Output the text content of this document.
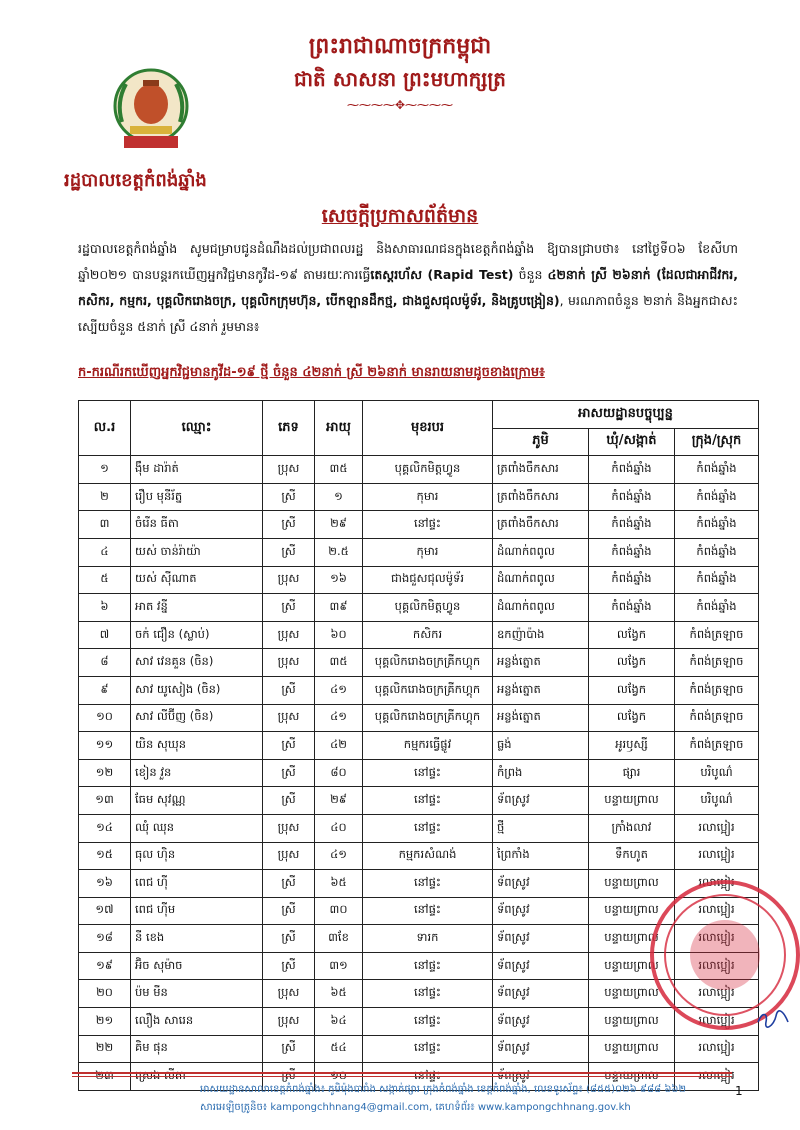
ព្រះរាជាណាចក្រកម្ពុជា
ជាតិ សាសនា ព្រះមហាក្សត្រ
⁓⁓⁓⁓✥⁓⁓⁓⁓
រដ្ឋបាលខេត្តកំពង់ឆ្នាំង
សេចក្តីប្រកាសព័ត៌មាន
រដ្ឋបាលខេត្តកំពង់ឆ្នាំង សូមជម្រាបជូនដំណឹងដល់ប្រជាពលរដ្ឋ និងសាធារណជនក្នុងខេត្តកំពង់ឆ្នាំង ឱ្យបានជ្រាបថា៖ នៅថ្ងៃទី០៦ ខែសីហា ឆ្នាំ២០២១ បានបន្តរកឃើញអ្នកវិជ្ជមានកូវីដ-១៩ តាមរយៈការធ្វើតេស្តរហ័ស (Rapid Test) ចំនួន ៤២នាក់ ស្រី ២៦នាក់ (ដែលជាអាជីវករ, កសិករ, កម្មករ, បុគ្គលិករោងចក្រ, បុគ្គលិកក្រុមហ៊ុន, បើកឡានដឹកថ្ម, ជាងជួសជុលម៉ូទ័រ, និងគ្រូបង្រៀន), មរណភាពចំនួន ២នាក់ និងអ្នកជាសះស្បើយចំនួន ៥នាក់ ស្រី ៤នាក់ រួមមាន៖
ក-ករណីរកឃើញអ្នកវិជ្ជមានកូវីដ-១៩ ថ្មី ចំនួន ៤២នាក់ ស្រី ២៦នាក់ មានរាយនាមដូចខាងក្រោម៖
ល.រ	ឈ្មោះ	ភេទ	អាយុ	មុខរបរ	អាសយដ្ឋានបច្ចុប្បន្ន		
					ភូមិ	ឃុំ/សង្កាត់	ក្រុង/ស្រុក
១	ង៉ឹម ដារ៉ាត់	ប្រុស	៣៥	បុគ្គលិកមិត្តហ្វូន	ត្រពាំងចឹកសារ	កំពង់ឆ្នាំង	កំពង់ឆ្នាំង
២	រឿប មុនីរ័ត្ន	ស្រី	១	កុមារ	ត្រពាំងចឹកសារ	កំពង់ឆ្នាំង	កំពង់ឆ្នាំង
៣	ចំរើន ធីតា	ស្រី	២៩	នៅផ្ទះ	ត្រពាំងចឹកសារ	កំពង់ឆ្នាំង	កំពង់ឆ្នាំង
៤	យស់ ចាន់រ៉ាយ៉ា	ស្រី	២.៥	កុមារ	ដំណាក់ពពូល	កំពង់ឆ្នាំង	កំពង់ឆ្នាំង
៥	យស់ ស៊ីណាត	ប្រុស	១៦	ជាងជួសជុលម៉ូទ័រ	ដំណាក់ពពូល	កំពង់ឆ្នាំង	កំពង់ឆ្នាំង
៦	អាត វន្នី	ស្រី	៣៩	បុគ្គលិកមិត្តហ្វូន	ដំណាក់ពពូល	កំពង់ឆ្នាំង	កំពង់ឆ្នាំង
៧	ចក់ ជឿន (ស្លាប់)	ប្រុស	៦០	កសិករ	ឧកញ៉ាប៉ាង	លង្វែក	កំពង់ត្រឡាច
៨	សាវ វេនគួន (ចិន)	ប្រុស	៣៥	បុគ្គលិករោងចក្រគ្រីកហ្គុក	អន្លង់ត្នោត	លង្វែក	កំពង់ត្រឡាច
៩	សាវ យូសៀង (ចិន)	ស្រី	៤១	បុគ្គលិករោងចក្រគ្រីកហ្គុក	អន្លង់ត្នោត	លង្វែក	កំពង់ត្រឡាច
១០	សាវ លីប៊ីញ (ចិន)	ប្រុស	៤១	បុគ្គលិករោងចក្រគ្រីកហ្គុក	អន្លង់ត្នោត	លង្វែក	កំពង់ត្រឡាច
១១	យិន សុឃុន	ស្រី	៤២	កម្មករធ្វើផ្លូវ	ធ្លង់	អូរឫស្សី	កំពង់ត្រឡាច
១២	ខៀន វួន	ស្រី	៨០	នៅផ្ទះ	កំព្រង	ផ្សារ	បរិបូណ៌
១៣	ធែម សុវណ្ណ	ស្រី	២៩	នៅផ្ទះ	ទ័ពស្រូវ	បន្ទាយព្រាល	បរិបូណ៌
១៤	ឈុំ ឈុន	ប្រុស	៤០	នៅផ្ទះ	ថ្មី	ក្រាំងលាវ	រលាប្អៀរ
១៥	ធុល ហ៊ិន	ប្រុស	៤១	កម្មករសំណង់	ព្រៃកាំង	ទឹកហូត	រលាប្អៀរ
១៦	ពេជ ហ៊ី	ស្រី	៦៥	នៅផ្ទះ	ទ័ពស្រូវ	បន្ទាយព្រាល	រលាប្អៀរ
១៧	ពេជ ហ៊ីម	ស្រី	៣០	នៅផ្ទះ	ទ័ពស្រូវ	បន្ទាយព្រាល	រលាប្អៀរ
១៨	នី ខេង	ស្រី	៣ខែ	ទារក	ទ័ពស្រូវ	បន្ទាយព្រាល	រលាប្អៀរ
១៩	អ៊ិច សុម៉ាច	ស្រី	៣១	នៅផ្ទះ	ទ័ពស្រូវ	បន្ទាយព្រាល	រលាប្អៀរ
២០	ប៉ម មីន	ប្រុស	៦៥	នៅផ្ទះ	ទ័ពស្រូវ	បន្ទាយព្រាល	រលាប្អៀរ
២១	លឿង សារេន	ប្រុស	៦៤	នៅផ្ទះ	ទ័ពស្រូវ	បន្ទាយព្រាល	រលាប្អៀរ
២២	គិម ផុន	ស្រី	៥៤	នៅផ្ទះ	ទ័ពស្រូវ	បន្ទាយព្រាល	រលាប្អៀរ
២៣	ស្រេង លីតា	ស្រី	១០	នៅផ្ទះ	ទ័ពស្រូវ	បន្ទាយព្រាល	រលាប្អៀរ
អាសយដ្ឋានសាលាខេត្តកំពង់ឆ្នាំង៖ ភូមិម៉ុងបារាំង សង្កាត់ផ្សារ ក្រុងកំពង់ឆ្នាំង ខេត្តកំពង់ឆ្នាំង, លេខទូរស័ព្ទ៖ (៨៥៥)០២៦ ៩៨៨ ៦៦២
សារអេឡិចត្រូនិច៖ kampongchhnang4@gmail.com, គេហទំព័រ៖ www.kampongchhnang.gov.kh
1
